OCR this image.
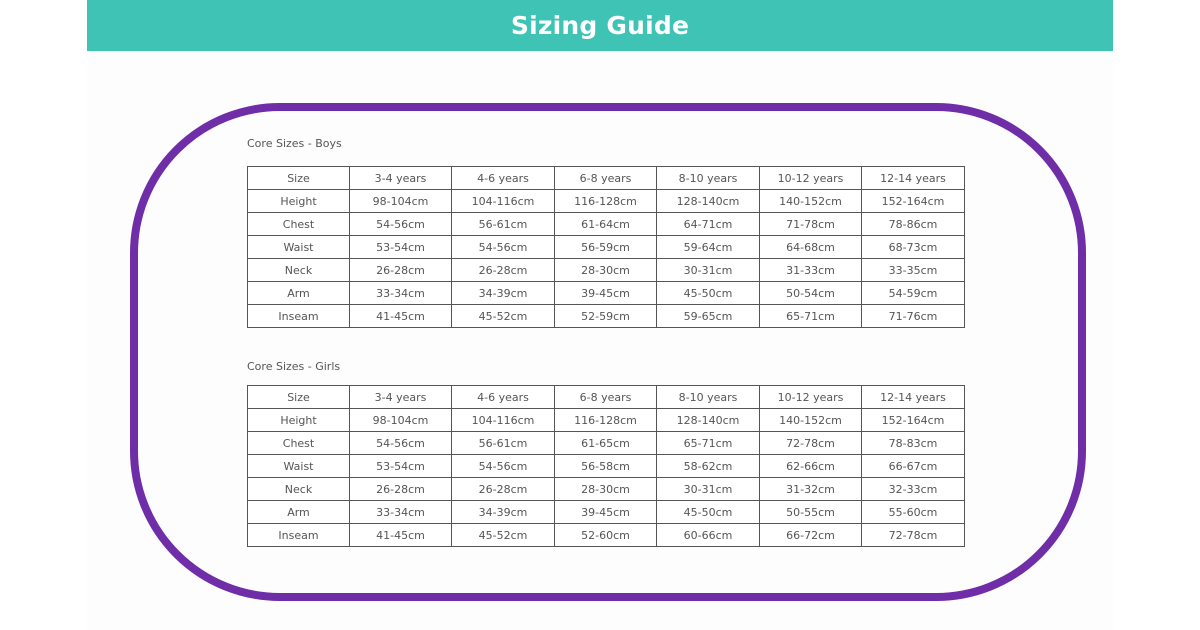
Sizing Guide
Core Sizes - Boys
Size	3-4 years	4-6 years	6-8 years	8-10 years	10-12 years	12-14 years
Height	98-104cm	104-116cm	116-128cm	128-140cm	140-152cm	152-164cm
Chest	54-56cm	56-61cm	61-64cm	64-71cm	71-78cm	78-86cm
Waist	53-54cm	54-56cm	56-59cm	59-64cm	64-68cm	68-73cm
Neck	26-28cm	26-28cm	28-30cm	30-31cm	31-33cm	33-35cm
Arm	33-34cm	34-39cm	39-45cm	45-50cm	50-54cm	54-59cm
Inseam	41-45cm	45-52cm	52-59cm	59-65cm	65-71cm	71-76cm
Core Sizes - Girls
Size	3-4 years	4-6 years	6-8 years	8-10 years	10-12 years	12-14 years
Height	98-104cm	104-116cm	116-128cm	128-140cm	140-152cm	152-164cm
Chest	54-56cm	56-61cm	61-65cm	65-71cm	72-78cm	78-83cm
Waist	53-54cm	54-56cm	56-58cm	58-62cm	62-66cm	66-67cm
Neck	26-28cm	26-28cm	28-30cm	30-31cm	31-32cm	32-33cm
Arm	33-34cm	34-39cm	39-45cm	45-50cm	50-55cm	55-60cm
Inseam	41-45cm	45-52cm	52-60cm	60-66cm	66-72cm	72-78cm
